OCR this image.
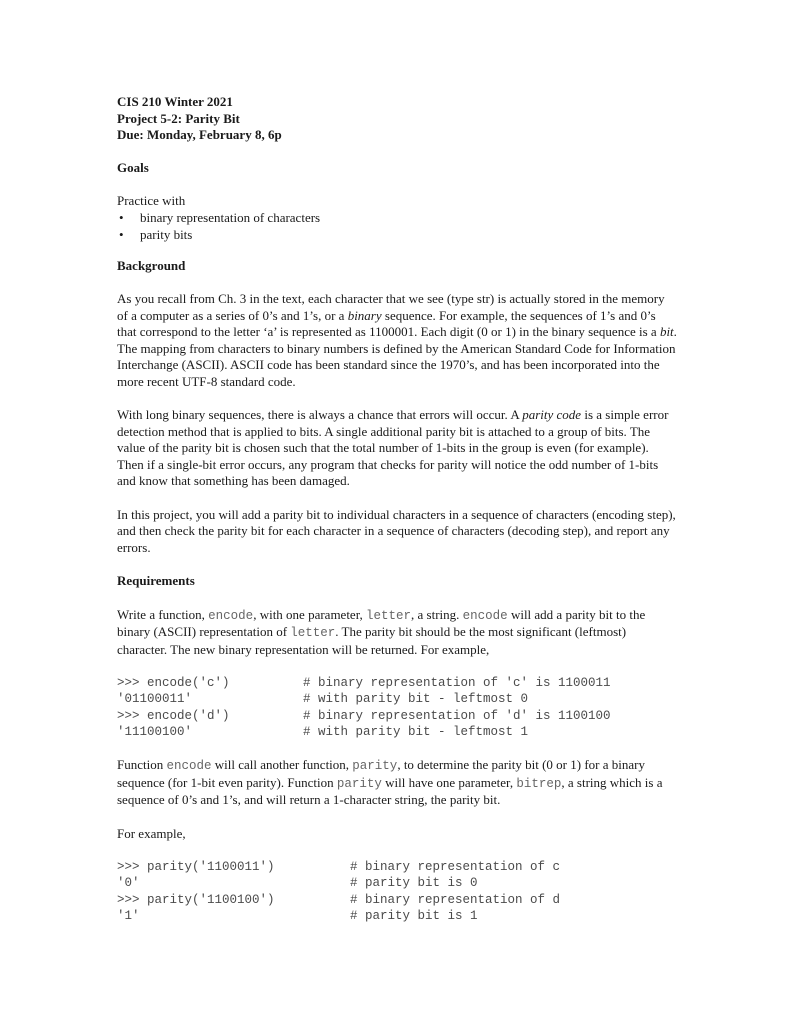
CIS 210 Winter 2021
Project 5-2: Parity Bit
Due: Monday, February 8, 6p
Goals

Practice with

• binary representation of characters
• parity bits
Background

As you recall from Ch. 3 in the text, each character that we see (type str) is actually stored in the memory of a computer as a series of 0’s and 1’s, or a binary sequence. For example, the sequences of 1’s and 0’s that correspond to the letter ‘a’ is represented as 1100001. Each digit (0 or 1) in the binary sequence is a bit. The mapping from characters to binary numbers is defined by the American Standard Code for Information Interchange (ASCII). ASCII code has been standard since the 1970’s, and has been incorporated into the more recent UTF-8 standard code.

With long binary sequences, there is always a chance that errors will occur. A parity code is a simple error detection method that is applied to bits. A single additional parity bit is attached to a group of bits. The value of the parity bit is chosen such that the total number of 1-bits in the group is even (for example). Then if a single-bit error occurs, any program that checks for parity will notice the odd number of 1-bits and know that something has been damaged.

In this project, you will add a parity bit to individual characters in a sequence of characters (encoding step), and then check the parity bit for each character in a sequence of characters (decoding step), and report any errors.

Requirements

Write a function, encode, with one parameter, letter, a string. encode will add a parity bit to the binary (ASCII) representation of letter. The parity bit should be the most significant (leftmost) character. The new binary representation will be returned. For example,

>>> encode('c')	# binary representation of 'c' is 1100011
'01100011'	# with parity bit - leftmost 0
>>> encode('d')	# binary representation of 'd' is 1100100
'11100100'	# with parity bit - leftmost 1

Function encode will call another function, parity, to determine the parity bit (0 or 1) for a binary sequence (for 1-bit even parity). Function parity will have one parameter, bitrep, a string which is a sequence of 0’s and 1’s, and will return a 1-character string, the parity bit.

For example,

>>> parity('1100011')	# binary representation of c
'0'	# parity bit is 0
>>> parity('1100100')	# binary representation of d
'1'	# parity bit is 1
